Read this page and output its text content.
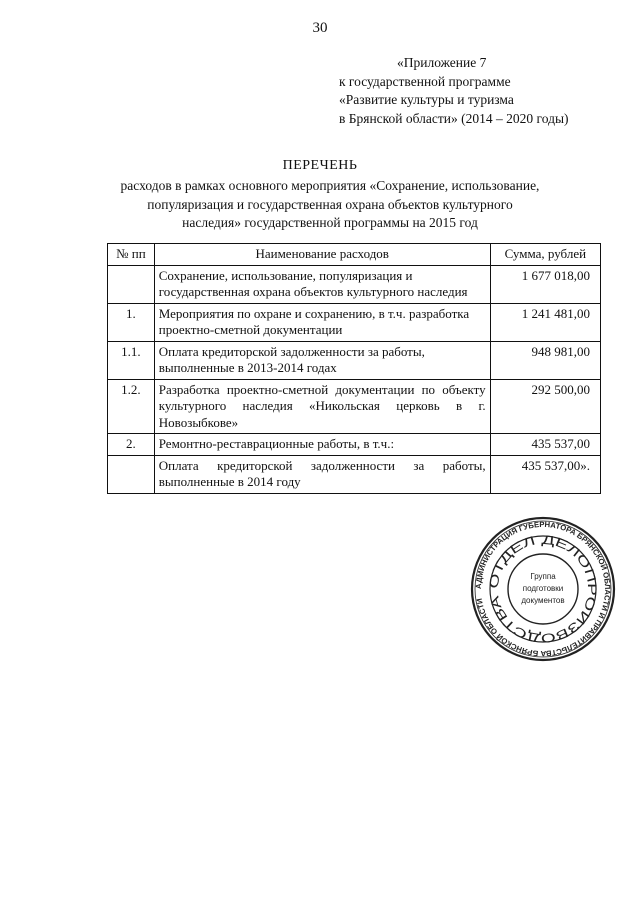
30
«Приложение 7
к государственной программе
«Развитие культуры и туризма
в Брянской области» (2014 – 2020 годы)
ПЕРЕЧЕНЬ
расходов в рамках основного мероприятия «Сохранение, использование,
популяризация и государственная охрана объектов культурного
наследия» государственной программы на 2015 год
№ пп	Наименование расходов	Сумма, рублей
	Сохранение, использование, популяризация и государственная охрана объектов культурного наследия	1 677 018,00
1.	Мероприятия по охране и сохранению, в т.ч. разработка проектно-сметной документации	1 241 481,00
1.1.	Оплата кредиторской задолженности за работы, выполненные в 2013-2014 годах	948 981,00
1.2.	Разработка проектно-сметной документации по объекту культурного наследия «Никольская церковь в г. Новозыбкове»	292 500,00
2.	Ремонтно-реставрационные работы, в т.ч.:	435 537,00
	Оплата кредиторской задолженности за работы, выполненные в 2014 году	435 537,00».
АДМИНИСТРАЦИЯ ГУБЕРНАТОРА БРЯНСКОЙ ОБЛАСТИ И ПРАВИТЕЛЬСТВА БРЯНСКОЙ ОБЛАСТИ
ОТДЕЛ ДЕЛОПРОИЗВОДСТВА
Группа
подготовки
документов
